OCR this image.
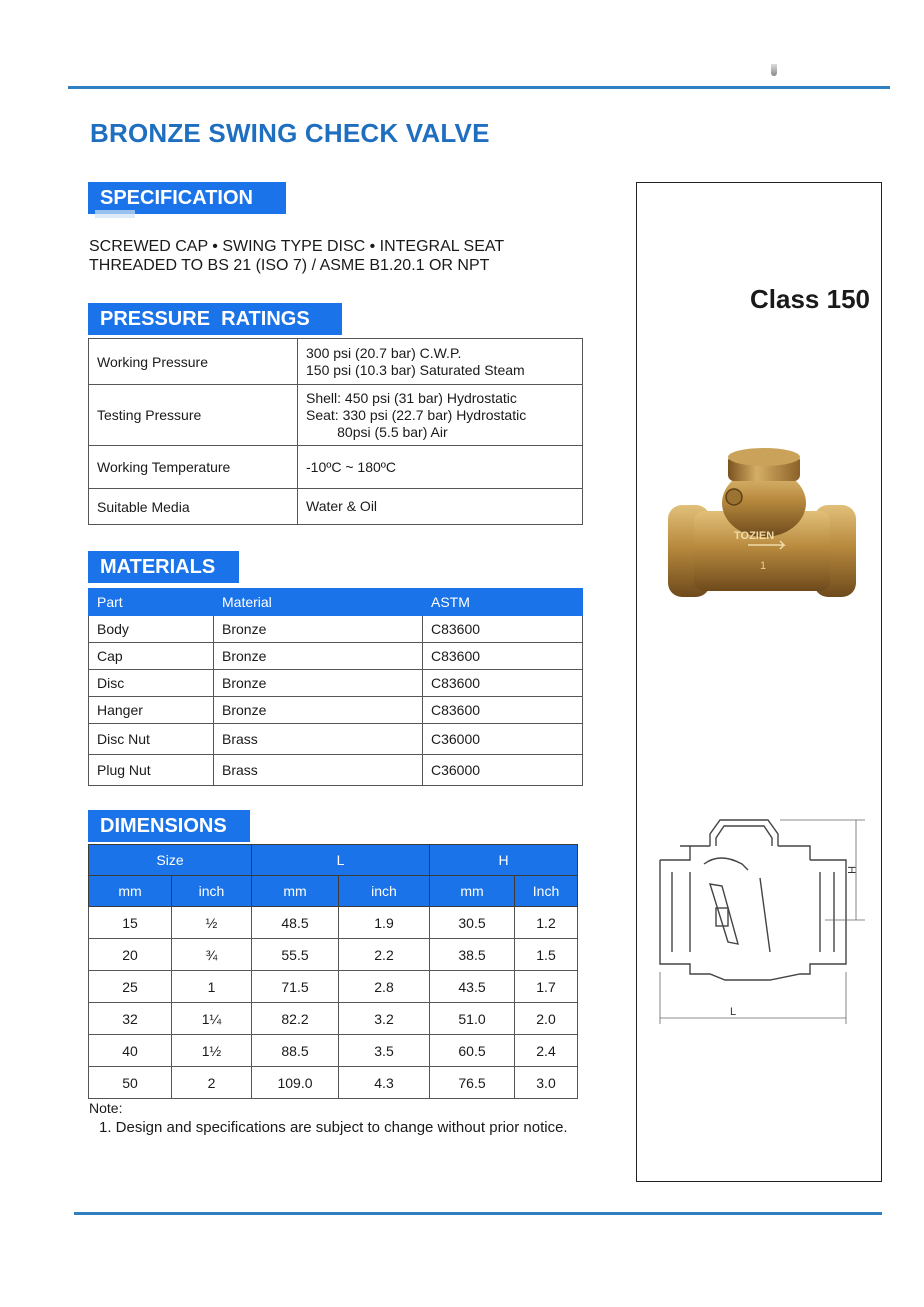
BRONZE SWING CHECK VALVE
SPECIFICATION
SCREWED CAP • SWING TYPE DISC • INTEGRAL SEAT
THREADED TO BS 21 (ISO 7) / ASME B1.20.1 OR NPT
PRESSURE  RATINGS
Working Pressure	300 psi (20.7 bar) C.W.P.
150 psi (10.3 bar) Saturated Steam

Testing Pressure	Shell: 450 psi (31 bar) Hydrostatic
Seat: 330 psi (22.7 bar) Hydrostatic
80psi (5.5 bar) Air

Working Temperature	-10ºC ~ 180ºC
Suitable Media	Water & Oil
MATERIALS
Part	Material	ASTM
Body	Bronze	C83600
Cap	Bronze	C83600
Disc	Bronze	C83600
Hanger	Bronze	C83600
Disc Nut	Brass	C36000
Plug Nut	Brass	C36000
DIMENSIONS
Size		L		H	
mm	inch	mm	inch	mm	Inch
15	½	48.5	1.9	30.5	1.2
20	¾	55.5	2.2	38.5	1.5
25	1	71.5	2.8	43.5	1.7
32	1¼	82.2	3.2	51.0	2.0
40	1½	88.5	3.5	60.5	2.4
50	2	109.0	4.3	76.5	3.0
Note:
1. Design and specifications are subject to change without prior notice.
Class 150
TOZIEN
1
H
L
